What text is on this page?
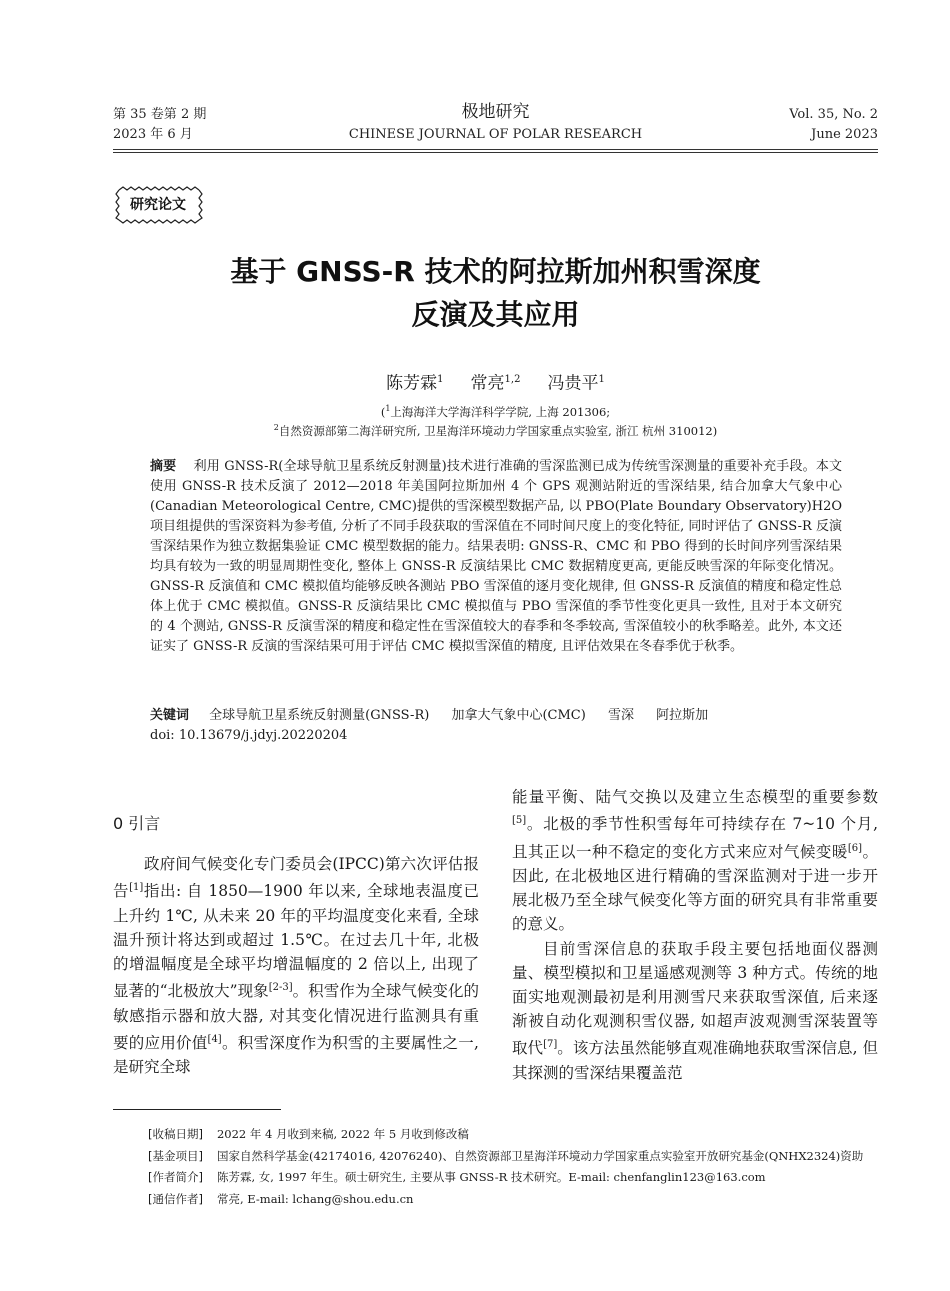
第 35 卷第 2 期
2023 年 6 月
极地研究
CHINESE JOURNAL OF POLAR RESEARCH
Vol. 35, No. 2
June 2023
研究论文
基于 GNSS-R 技术的阿拉斯加州积雪深度
反演及其应用
陈芳霖$^1$ 常亮$^{1,2}$ 冯贵平$^1$
($^1$上海海洋大学海洋科学学院, 上海 201306;
$^2$自然资源部第二海洋研究所, 卫星海洋环境动力学国家重点实验室, 浙江 杭州 310012)
摘要 利用 GNSS-R(全球导航卫星系统反射测量)技术进行准确的雪深监测已成为传统雪深测量的重要补充手段。本文使用 GNSS-R 技术反演了 2012—2018 年美国阿拉斯加州 4 个 GPS 观测站附近的雪深结果, 结合加拿大气象中心(Canadian Meteorological Centre, CMC)提供的雪深模型数据产品, 以 PBO(Plate Boundary Observatory)H2O 项目组提供的雪深资料为参考值, 分析了不同手段获取的雪深值在不同时间尺度上的变化特征, 同时评估了 GNSS-R 反演雪深结果作为独立数据集验证 CMC 模型数据的能力。结果表明: GNSS-R、CMC 和 PBO 得到的长时间序列雪深结果均具有较为一致的明显周期性变化, 整体上 GNSS-R 反演结果比 CMC 数据精度更高, 更能反映雪深的年际变化情况。GNSS-R 反演值和 CMC 模拟值均能够反映各测站 PBO 雪深值的逐月变化规律, 但 GNSS-R 反演值的精度和稳定性总体上优于 CMC 模拟值。GNSS-R 反演结果比 CMC 模拟值与 PBO 雪深值的季节性变化更具一致性, 且对于本文研究的 4 个测站, GNSS-R 反演雪深的精度和稳定性在雪深值较大的春季和冬季较高, 雪深值较小的秋季略差。此外, 本文还证实了 GNSS-R 反演的雪深结果可用于评估 CMC 模拟雪深值的精度, 且评估效果在冬春季优于秋季。
关键词 全球导航卫星系统反射测量(GNSS-R) 加拿大气象中心(CMC) 雪深 阿拉斯加
doi: 10.13679/j.jdyj.20220204
0 引言

政府间气候变化专门委员会(IPCC)第六次评估报告[1]指出: 自 1850—1900 年以来, 全球地表温度已上升约 1℃, 从未来 20 年的平均温度变化来看, 全球温升预计将达到或超过 1.5℃。在过去几十年, 北极的增温幅度是全球平均增温幅度的 2 倍以上, 出现了显著的“北极放大”现象[2-3]。积雪作为全球气候变化的敏感指示器和放大器, 对其变化情况进行监测具有重要的应用价值[4]。积雪深度作为积雪的主要属性之一, 是研究全球

能量平衡、陆气交换以及建立生态模型的重要参数[5]。北极的季节性积雪每年可持续存在 7~10 个月, 且其正以一种不稳定的变化方式来应对气候变暖[6]。因此, 在北极地区进行精确的雪深监测对于进一步开展北极乃至全球气候变化等方面的研究具有非常重要的意义。

目前雪深信息的获取手段主要包括地面仪器测量、模型模拟和卫星遥感观测等 3 种方式。传统的地面实地观测最初是利用测雪尺来获取雪深值, 后来逐渐被自动化观测积雪仪器, 如超声波观测雪深装置等取代[7]。该方法虽然能够直观准确地获取雪深信息, 但其探测的雪深结果覆盖范

[收稿日期] 2022 年 4 月收到来稿, 2022 年 5 月收到修改稿
[基金项目] 国家自然科学基金(42174016, 42076240)、自然资源部卫星海洋环境动力学国家重点实验室开放研究基金(QNHX2324)资助
[作者简介] 陈芳霖, 女, 1997 年生。硕士研究生, 主要从事 GNSS-R 技术研究。E-mail: chenfanglin123@163.com
[通信作者] 常亮, E-mail: lchang@shou.edu.cn
